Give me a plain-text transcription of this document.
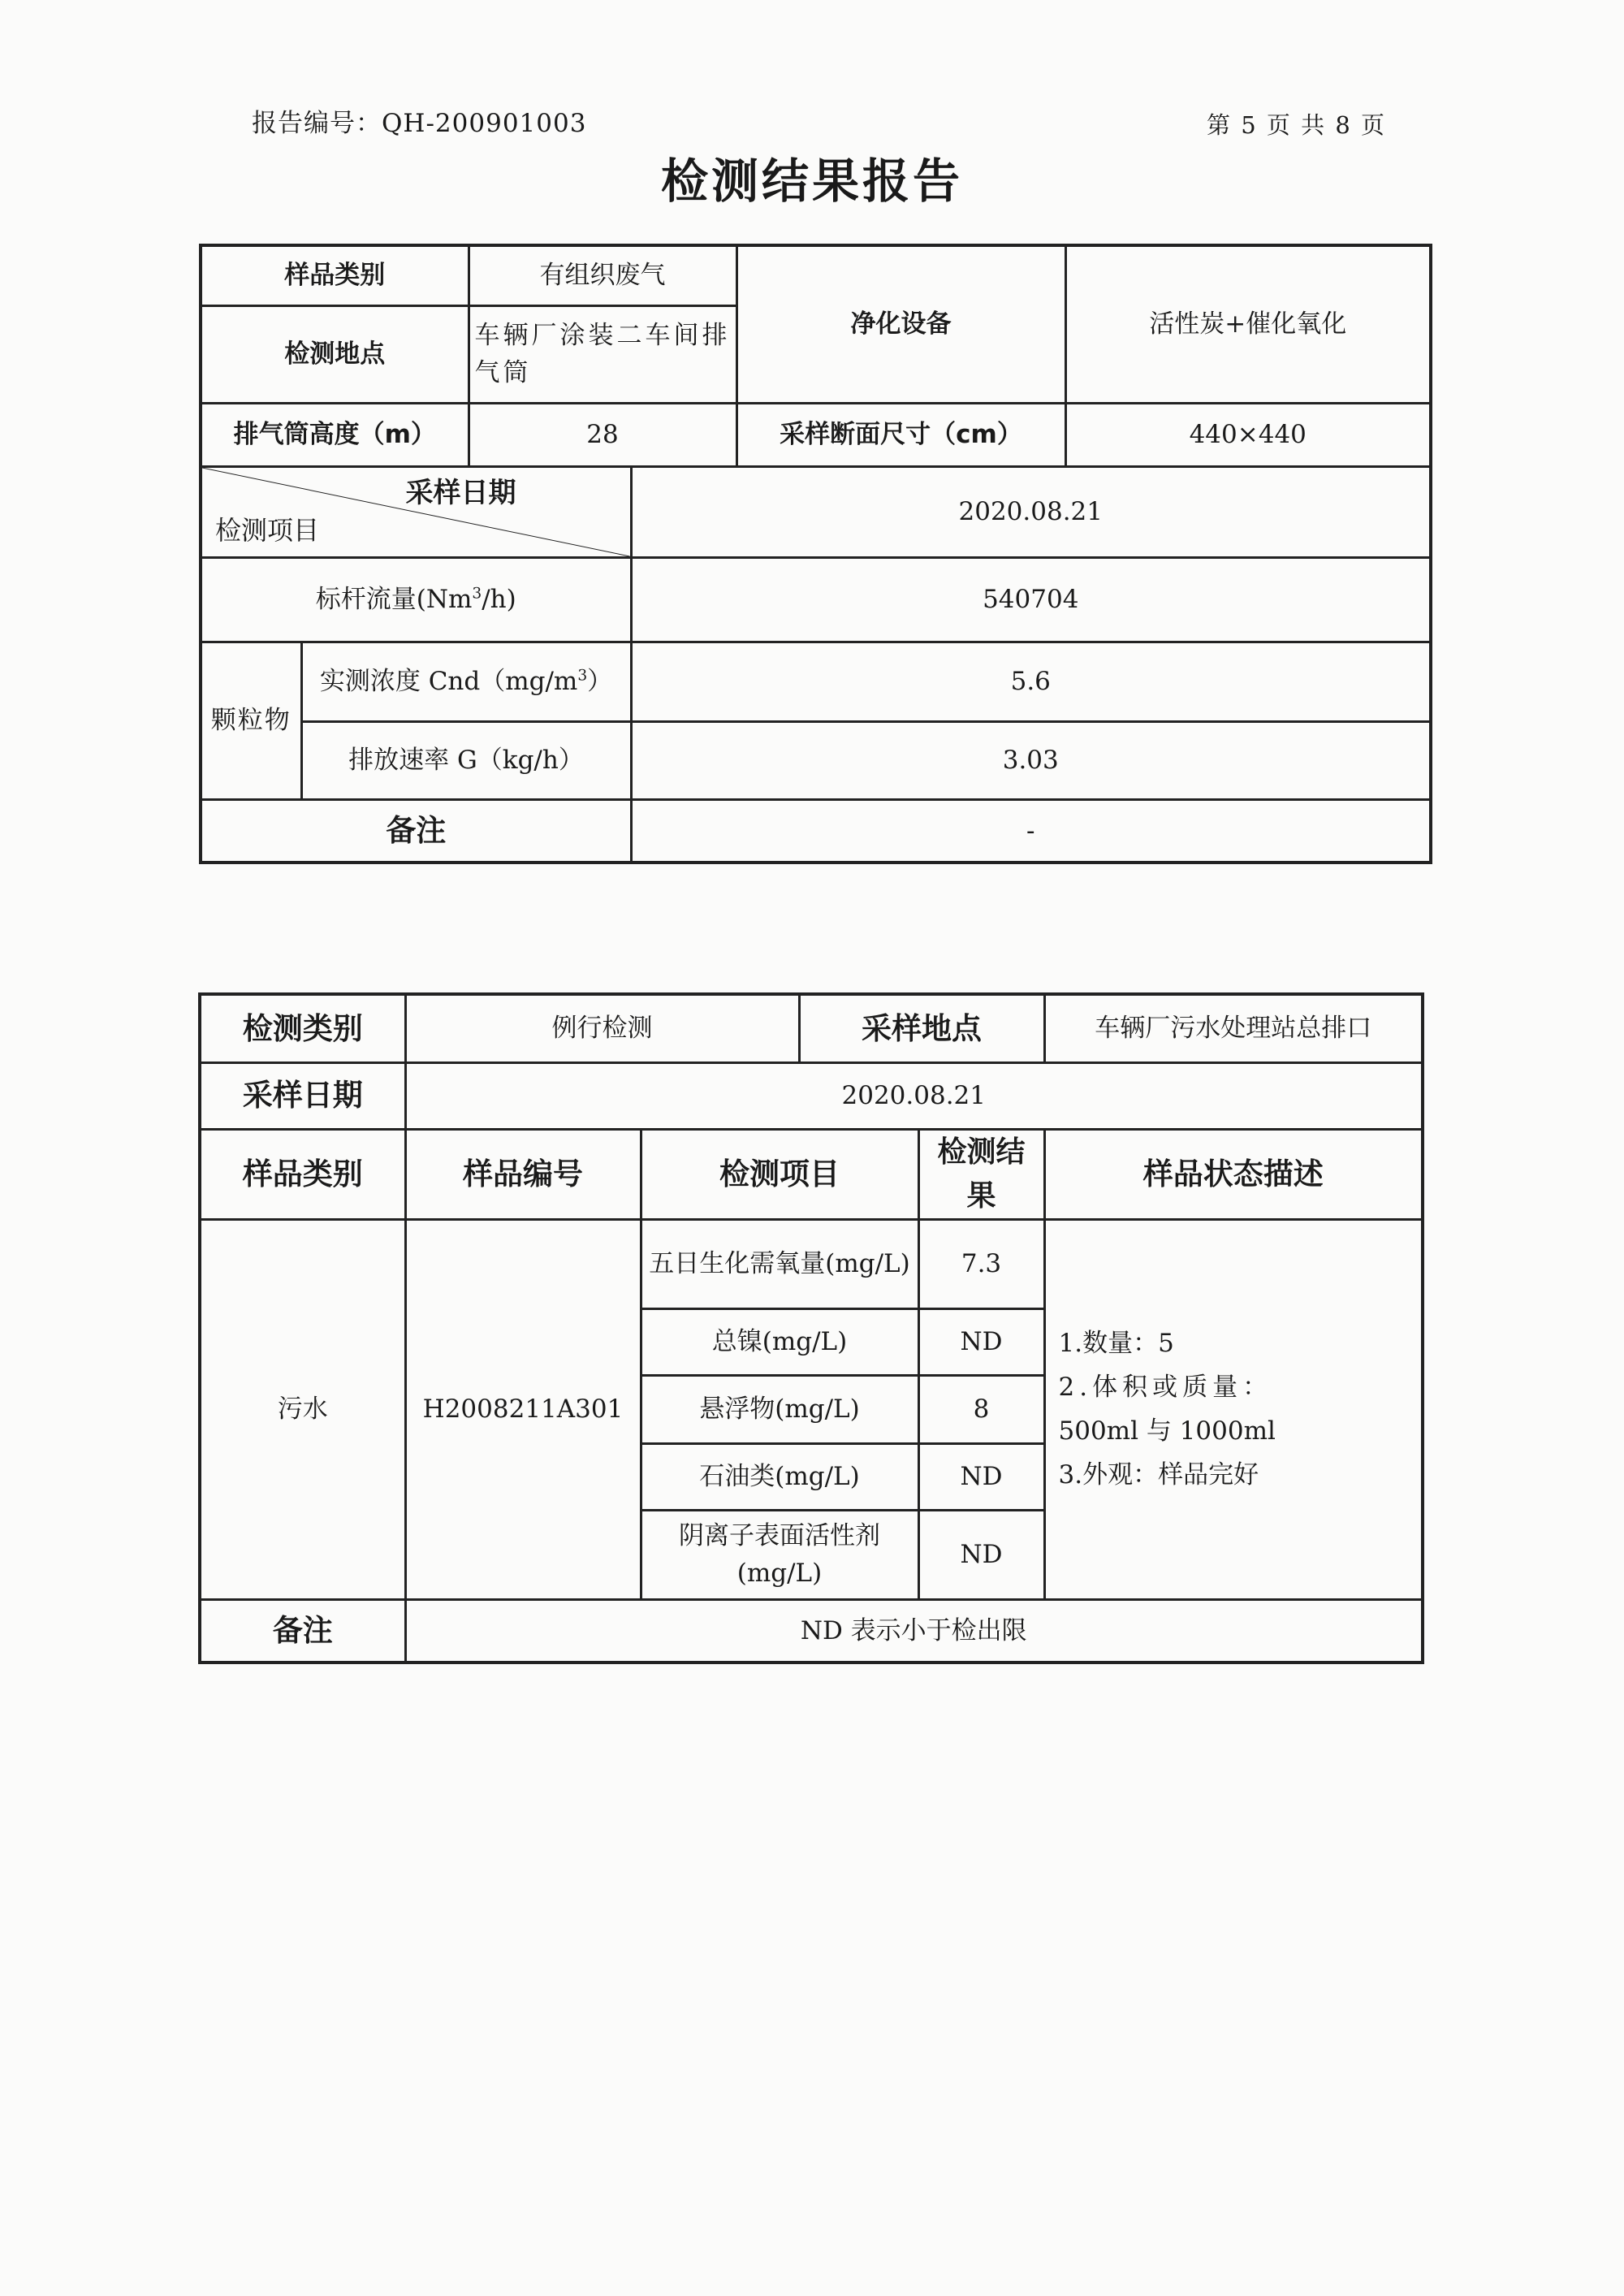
报告编号：QH-200901003	第 5 页 共 8 页
检测结果报告
样品类别		有组织废气		净化设备	活性炭+催化氧化
检测地点		车辆厂涂装二车间排气筒			
排气筒高度（m）		28		采样断面尺寸（cm）	440×440

采样日期
检测项目			2020.08.21		
标杆流量(Nm$^3$/h)			540704		
颗粒物	实测浓度 $Cnd(mg/m^3)$		5.6		
	排放速率 G（kg/h）		3.03		
备注			-		
检测类别	例行检测		采样地点		车辆厂污水处理站总排口
采样日期	2020.08.21				
样品类别	样品编号	检测项目		检测结果	样品状态描述
污水	H2008211A301	五日生化需氧量(mg/L)		7.3	1.数量：5
2.体积或质量：
500ml 与 1000ml
3.外观：样品完好

		总镍(mg/L)		ND	
		悬浮物(mg/L)		8	
		石油类(mg/L)		ND	
		阴离子表面活性剂(mg/L)		ND	
备注	ND 表示小于检出限				
